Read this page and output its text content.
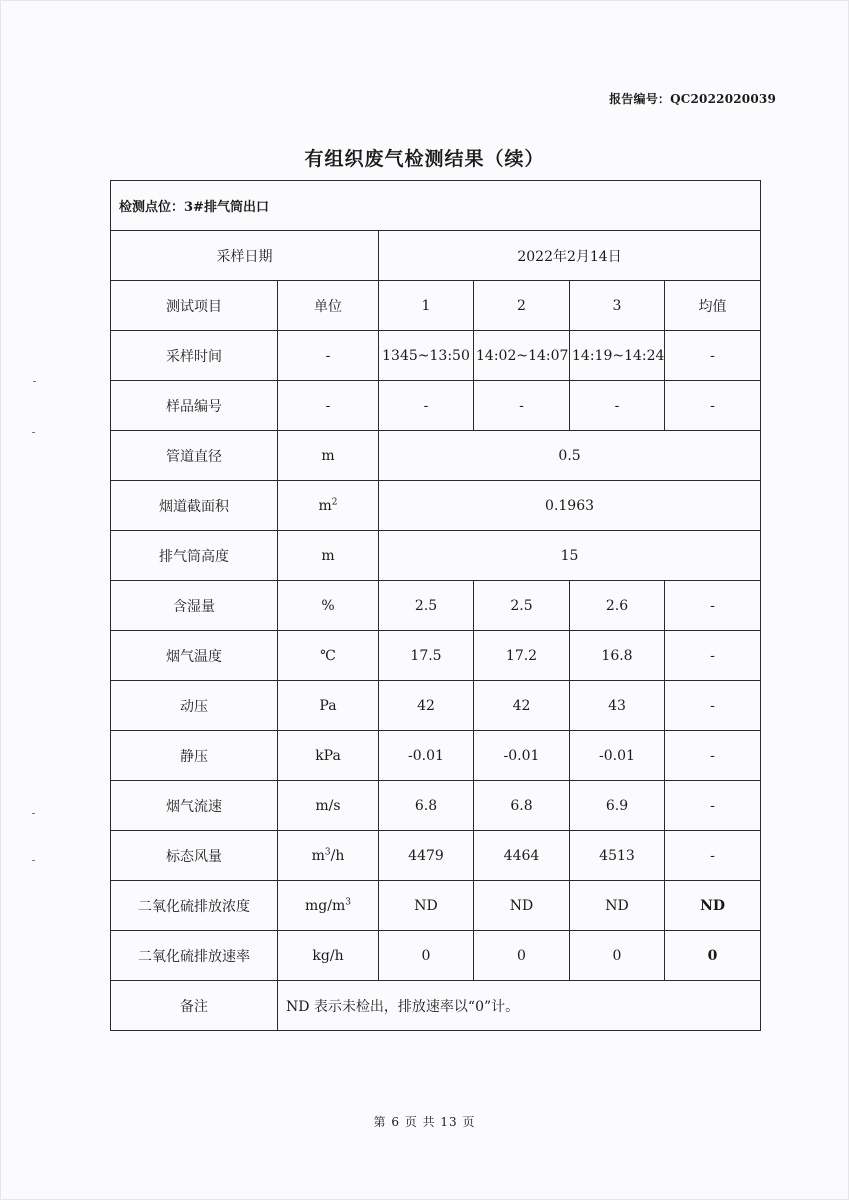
报告编号：QC2022020039
有组织废气检测结果（续）
检测点位：3#排气筒出口					
采样日期		2022年2月14日			
测试项目	单位	1	2	3	均值
采样时间	-	1345~13:50	14:02~14:07	14:19~14:24	-
样品编号	-	-	-	-	-
管道直径	m	0.5			
烟道截面积	$m^2$	0.1963			
排气筒高度	m	15			
含湿量	%	2.5	2.5	2.6	-
烟气温度	℃	17.5	17.2	16.8	-
动压	Pa	42	42	43	-
静压	kPa	-0.01	-0.01	-0.01	-
烟气流速	m/s	6.8	6.8	6.9	-
标态风量	$m^3/h$	4479	4464	4513	-
二氧化硫排放浓度	$mg/m^3$	ND	ND	ND	ND
二氧化硫排放速率	kg/h	0	0	0	0
备注	ND 表示未检出，排放速率以“0”计。				
第 6 页 共 13 页
